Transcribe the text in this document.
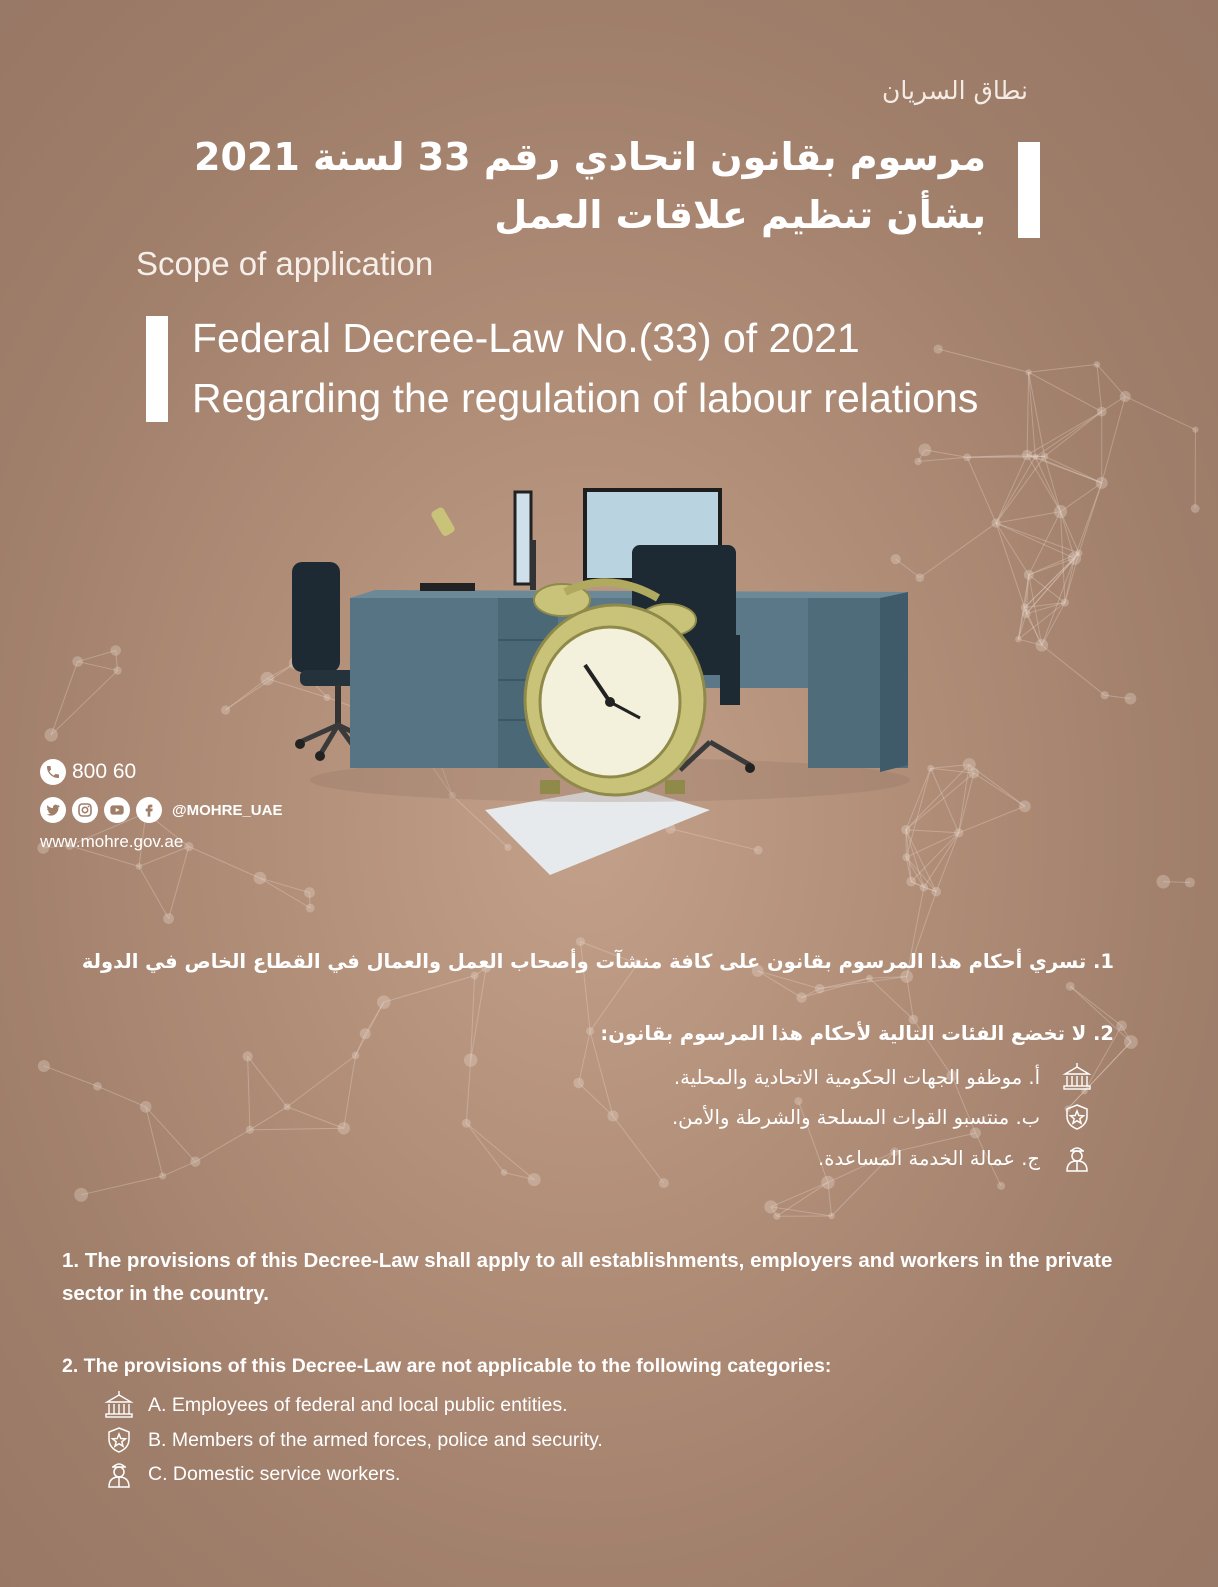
نطاق السريان
مرسوم بقانون اتحادي رقم 33 لسنة 2021
بشأن تنظيم علاقات العمل
Scope of application
Federal Decree-Law No.(33) of 2021
Regarding the regulation of labour relations
800 60
@MOHRE_UAE
www.mohre.gov.ae
1. تسري أحكام هذا المرسوم بقانون على كافة منشآت وأصحاب العمل والعمال في القطاع الخاص في الدولة
2. لا تخضع الفئات التالية لأحكام هذا المرسوم بقانون:
أ. موظفو الجهات الحكومية الاتحادية والمحلية.
ب. منتسبو القوات المسلحة والشرطة والأمن.
ج. عمالة الخدمة المساعدة.
1. The provisions of this Decree-Law shall apply to all establishments, employers and workers in the private sector in the country.
2. The provisions of this Decree-Law are not applicable to the following categories:
A. Employees of federal and local public entities.
B. Members of the armed forces, police and security.
C. Domestic service workers.
